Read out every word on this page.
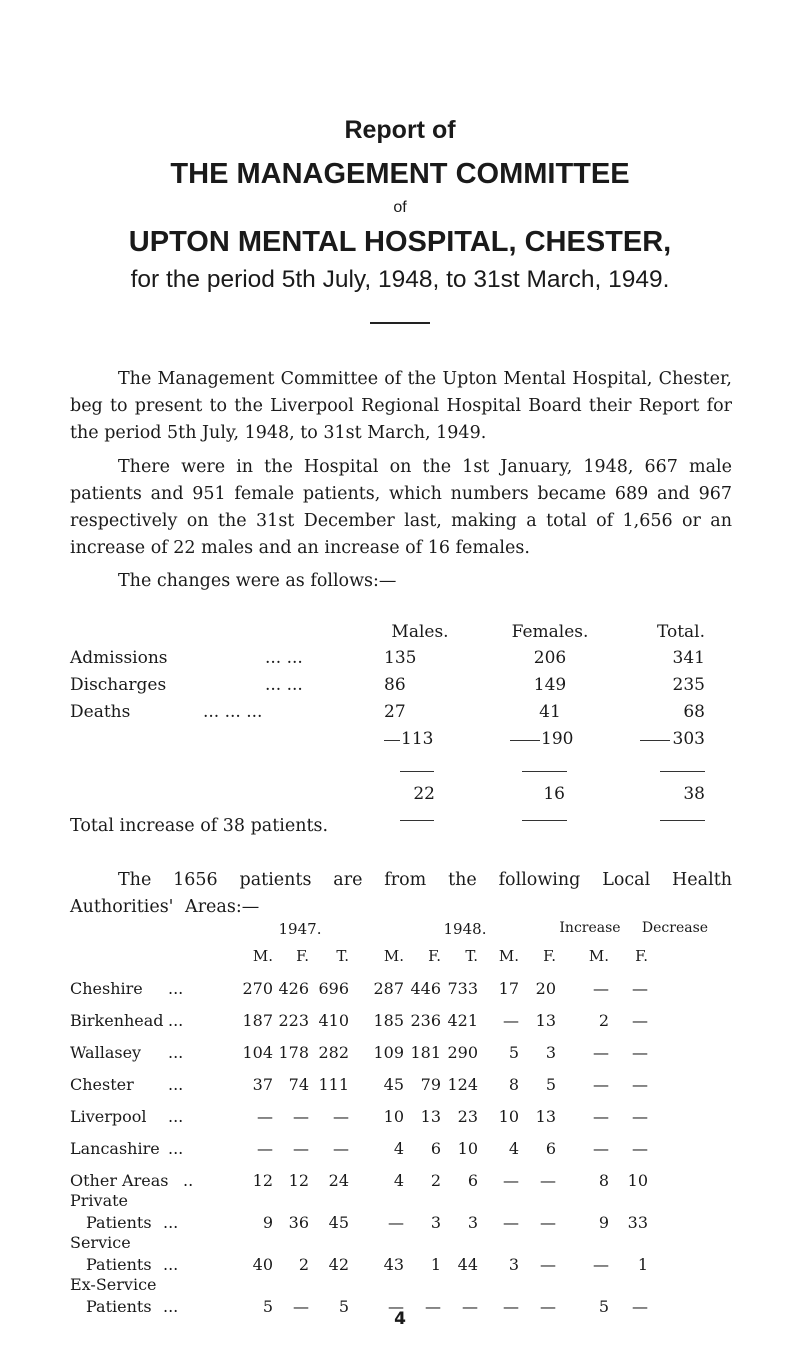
Report of
THE MANAGEMENT COMMITTEE
of
UPTON MENTAL HOSPITAL, CHESTER,
for the period 5th July, 1948, to 31st March, 1949.

The Management Committee of the Upton Mental Hospital, Chester, beg to present to the Liverpool Regional Hospital Board their Report for the period 5th July, 1948, to 31st March, 1949.

There were in the Hospital on the 1st January, 1948, 667 male patients and 951 female patients, which numbers became 689 and 967 respectively on the 31st December last, making a total of 1,656 or an increase of 22 males and an increase of 16 females.

The changes were as follows:—

Males.	Females.	Total.
Admissions	... ...	135	206	341
Discharges	... ...	86	149	235
Deaths	... ... ...	27	41	68
113	190	303
22	16	38
Total increase of 38 patients.

The 1656 patients are from the following Local Health Authorities' Areas:—

1947.	1948.	Increase	Decrease
M.	F.	T.	M.	F.	T.	M.	F.	M.	F.
Cheshire ...	270 426 696	287 446 733	17	20	—	—
Birkenhead ...	187 223 410	185 236 421	—	13	2	—
Wallasey ...	104 178 282	109 181 290	5	3	—	—
Chester ...	37 74 111	45	79 124	8	5	—	—
Liverpool ...	—	—	—	10	13	23	10	13	—	—
Lancashire ...	—	—	—	4	6	10	4	6	—	—
Other Areas ..	12 12	24	4	2	6	—	—	8	10
Private
Patients ...	9 36	45	—	3	3	—	—	9	33
Service
Patients ...	40	2	42	43	1	44	3	—	—	1
Ex-Service
Patients ...	5	—	5	—	—	—	—	—	5	—
4
